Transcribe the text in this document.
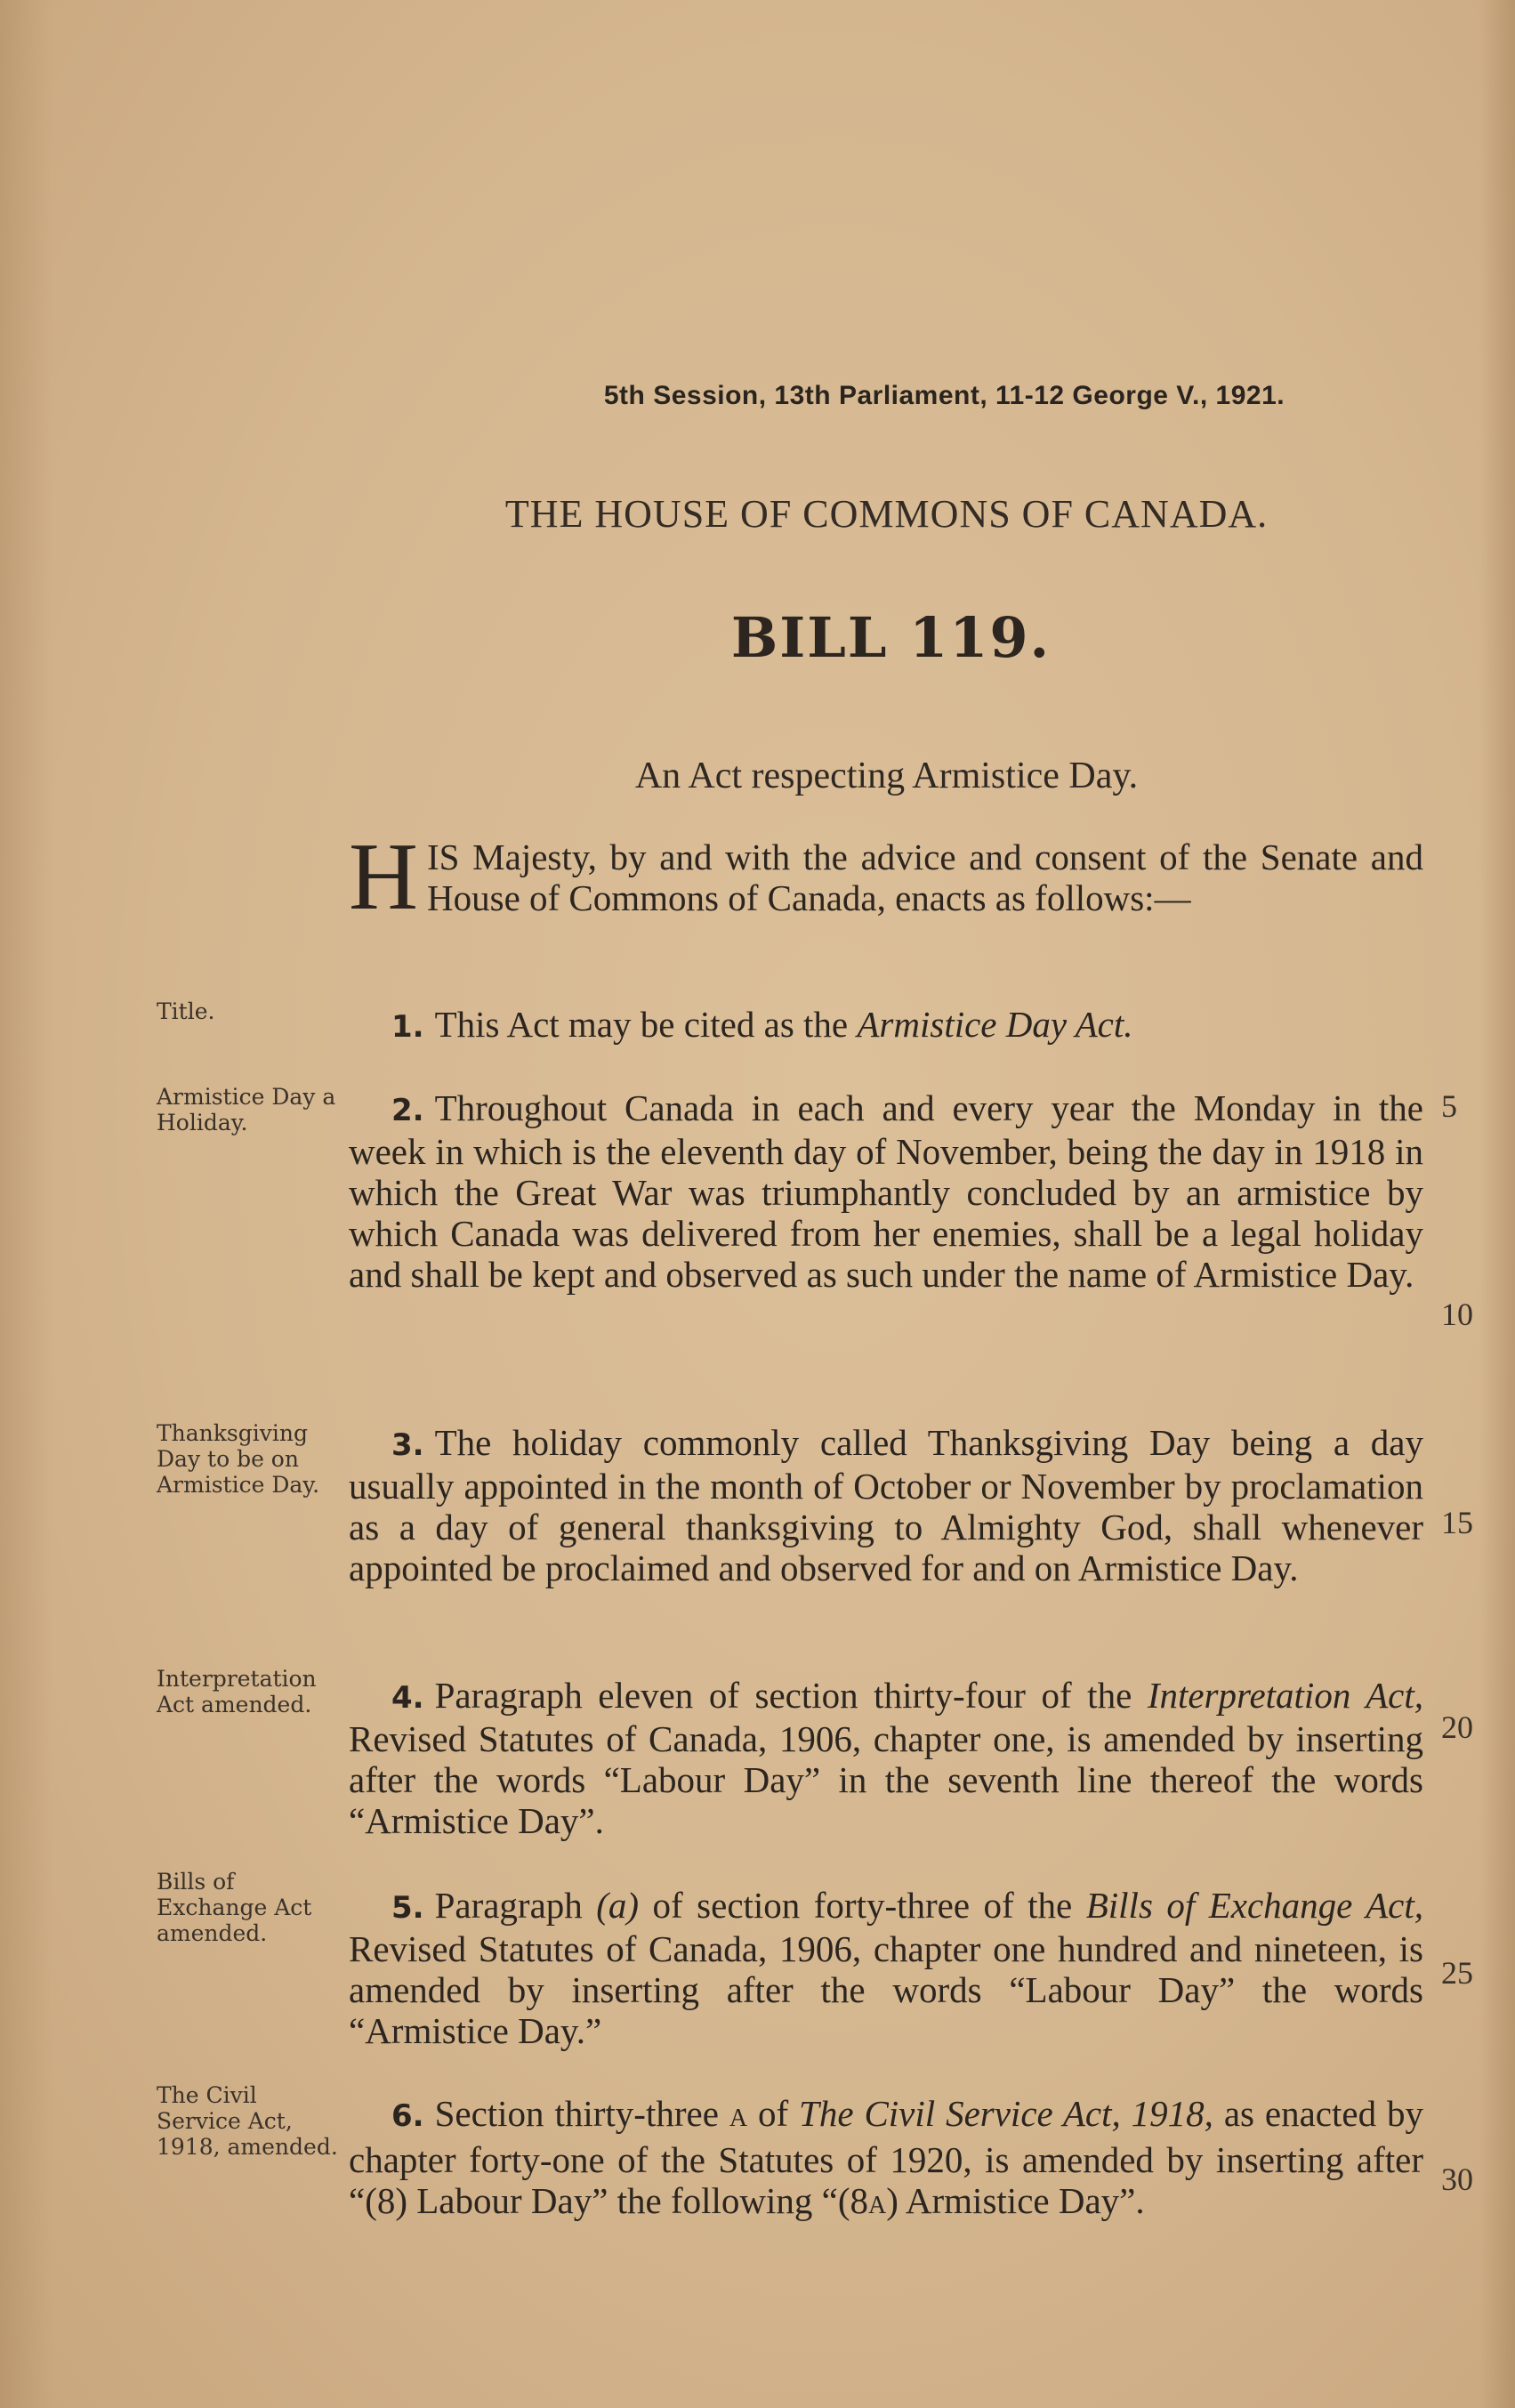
5th Session, 13th Parliament, 11-12 George V., 1921.
THE HOUSE OF COMMONS OF CANADA.
BILL 119.
An Act respecting Armistice Day.
HIS Majesty, by and with the advice and consent of the Senate and House of Commons of Canada, enacts as follows:—
Title.	1. This Act may be cited as the Armistice Day Act.
Armistice Day a Holiday.	2. Throughout Canada in each and every year the Monday in the week in which is the eleventh day of November, being the day in 1918 in which the Great War was triumphantly concluded by an armistice by which Canada was delivered from her enemies, shall be a legal holiday and shall be kept and observed as such under the name of Armistice Day.
Thanksgiving Day to be on Armistice Day.
3. The holiday commonly called Thanksgiving Day being a day usually appointed in the month of October or November by proclamation as a day of general thanksgiving to Almighty God, shall whenever appointed be proclaimed and observed for and on Armistice Day.
Interpretation Act amended.	4. Paragraph eleven of section thirty-four of the Interpretation Act, Revised Statutes of Canada, 1906, chapter one, is amended by inserting after the words “Labour Day” in the seventh line thereof the words “Armistice Day”.
Bills of Exchange Act amended.
5. Paragraph (a) of section forty-three of the Bills of Exchange Act, Revised Statutes of Canada, 1906, chapter one hundred and nineteen, is amended by inserting after the words “Labour Day” the words “Armistice Day.”
The Civil Service Act, 1918, amended.
6. Section thirty-three A of The Civil Service Act, 1918, as enacted by chapter forty-one of the Statutes of 1920, is amended by inserting after “(8) Labour Day” the following “(8A) Armistice Day”.
5
10
15
20
25
30
